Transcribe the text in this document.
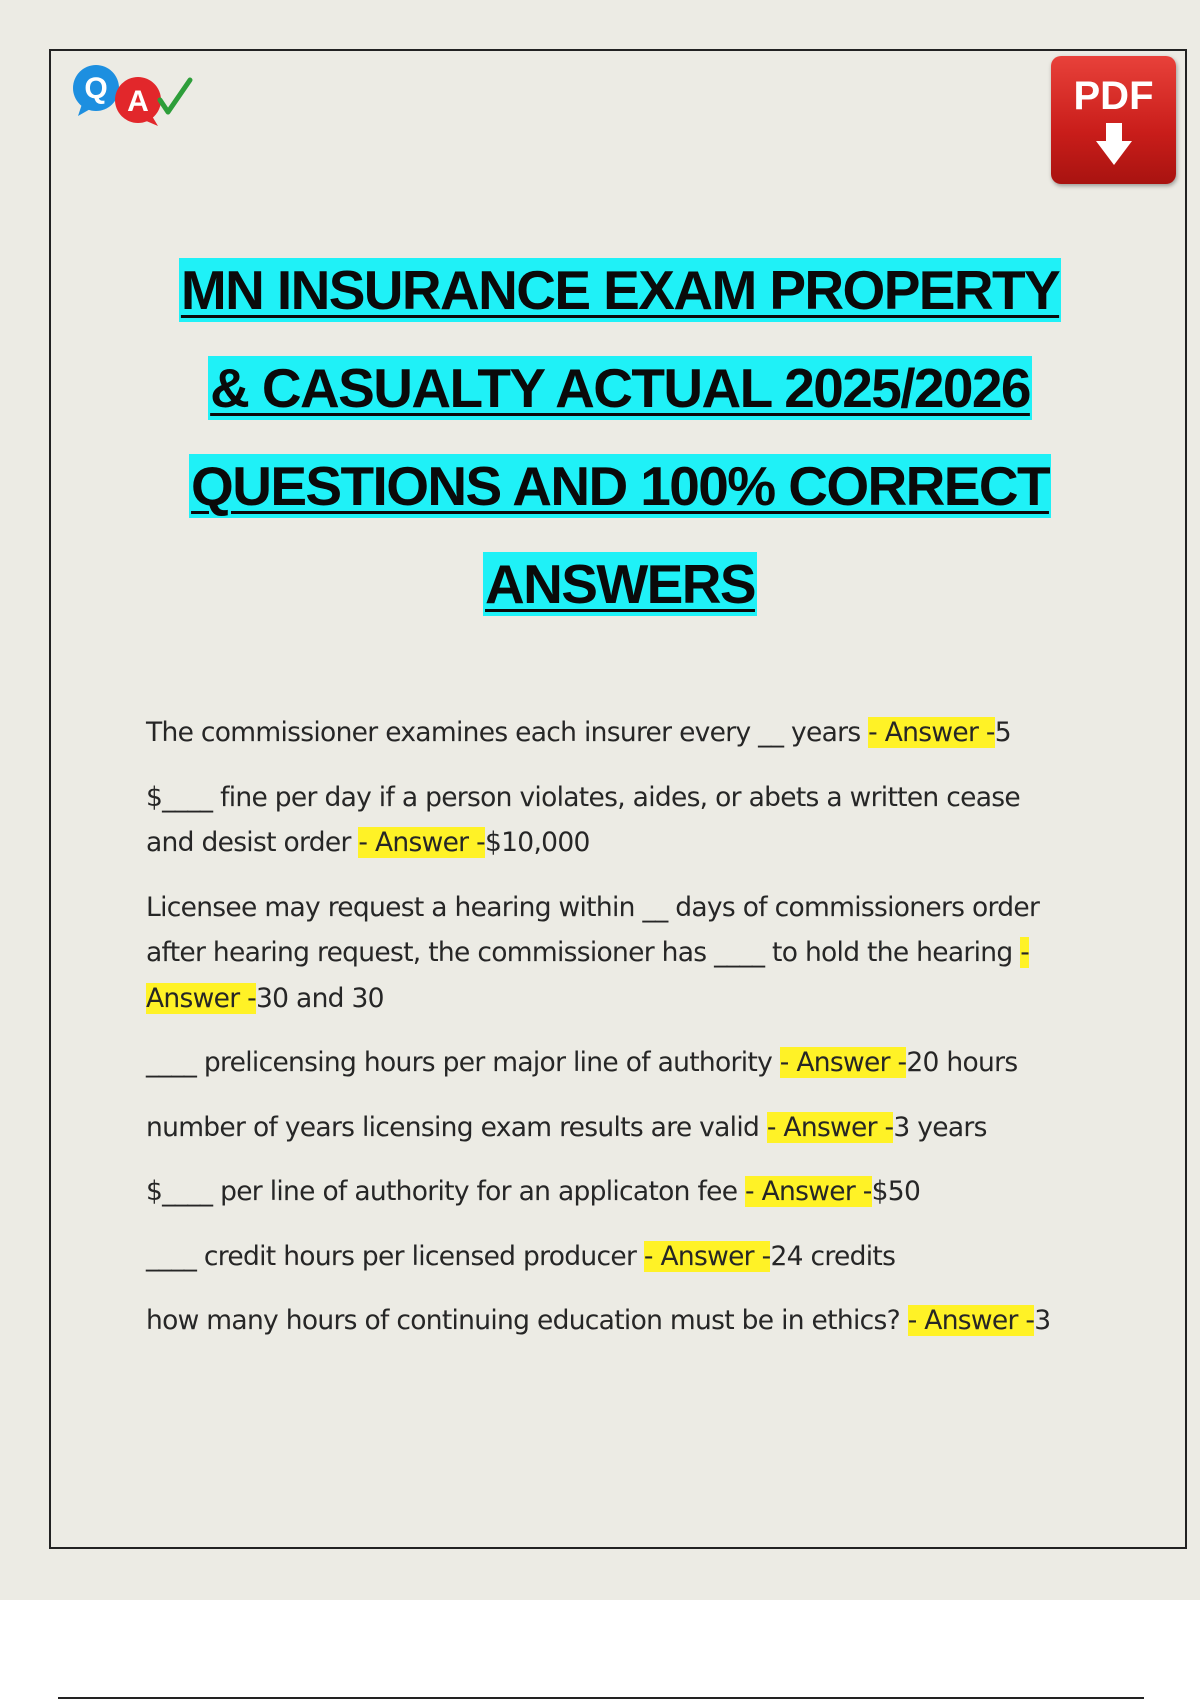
Q A	PDF
MN INSURANCE EXAM PROPERTY
& CASUALTY ACTUAL 2025/2026
QUESTIONS AND 100% CORRECT
ANSWERS
The commissioner examines each insurer every __ years - Answer -5
$____ fine per day if a person violates, aides, or abets a written cease
and desist order - Answer -$10,000
Licensee may request a hearing within __ days of commissioners order
after hearing request, the commissioner has ____ to hold the hearing -
Answer -30 and 30
____ prelicensing hours per major line of authority - Answer -20 hours
number of years licensing exam results are valid - Answer -3 years
$____ per line of authority for an applicaton fee - Answer -$50
____ credit hours per licensed producer - Answer -24 credits
how many hours of continuing education must be in ethics? - Answer -3
